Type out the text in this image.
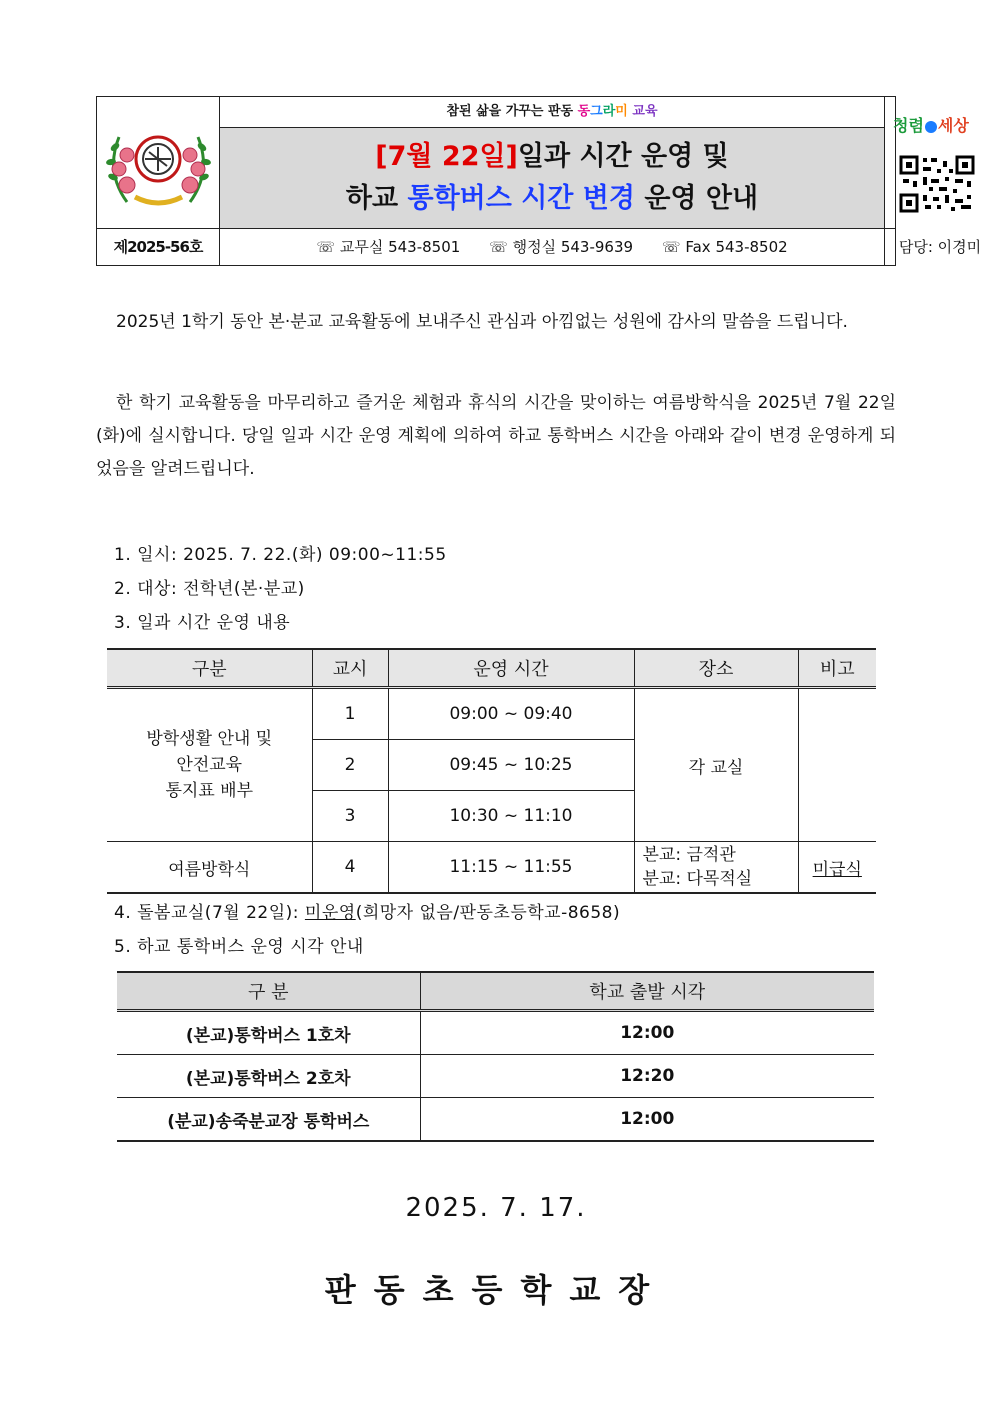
참된 삶을 가꾸는 판동 동그라미 교육
[7월 22일]일과 시간 운영 및
하교 통학버스 시간 변경 운영 안내
청렴 세상
제2025-56호	☏ 교무실 543-8501 ☏ 행정실 543-9639 ☏ Fax 543-8502	담당: 이경미
2025년 1학기 동안 본·분교 교육활동에 보내주신 관심과 아낌없는 성원에 감사의 말씀을 드립니다.
한 학기 교육활동을 마무리하고 즐거운 체험과 휴식의 시간을 맞이하는 여름방학식을 2025년 7월 22일(화)에 실시합니다. 당일 일과 시간 운영 계획에 의하여 하교 통학버스 시간을 아래와 같이 변경 운영하게 되었음을 알려드립니다.
1. 일시: 2025. 7. 22.(화) 09:00~11:55
2. 대상: 전학년(본·분교)
3. 일과 시간 운영 내용
구분	교시	운영 시간	장소	비고

방학생활 안내 및
안전교육
통지표 배부	1	09:00 ~ 09:40	각 교실	
	2	09:45 ~ 10:25		
	3	10:30 ~ 11:10		
여름방학식	4	11:15 ~ 11:55	본교: 금적관
분교: 다목적실	미급식
4. 돌봄교실(7월 22일): 미운영(희망자 없음/판동초등학교-8658)
5. 하교 통학버스 운영 시각 안내
구 분	학교 출발 시각
(본교)통학버스 1호차	12:00
(본교)통학버스 2호차	12:20
(분교)송죽분교장 통학버스	12:00
2025. 7. 17.
판동초등학교장
